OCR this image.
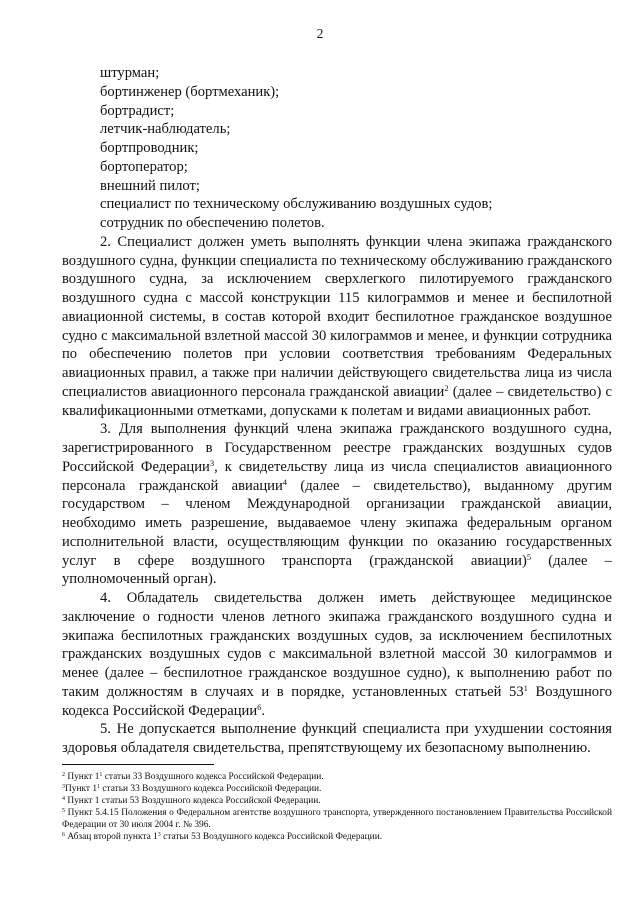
2
штурман;
бортинженер (бортмеханик);
бортрадист;
летчик-наблюдатель;
бортпроводник;
бортоператор;
внешний пилот;
специалист по техническому обслуживанию воздушных судов;
сотрудник по обеспечению полетов.

2. Специалист должен уметь выполнять функции члена экипажа гражданского воздушного судна, функции специалиста по техническому обслуживанию гражданского воздушного судна, за исключением сверхлегкого пилотируемого гражданского воздушного судна с массой конструкции 115 килограммов и менее и беспилотной авиационной системы, в состав которой входит беспилотное гражданское воздушное судно с максимальной взлетной массой 30 килограммов и менее, и функции сотрудника по обеспечению полетов при условии соответствия требованиям Федеральных авиационных правил, а также при наличии действующего свидетельства лица из числа специалистов авиационного персонала гражданской авиации$^2$ (далее – свидетельство) с квалификационными отметками, допусками к полетам и видами авиационных работ.

3. Для выполнения функций члена экипажа гражданского воздушного судна, зарегистрированного в Государственном реестре гражданских воздушных судов Российской Федерации$^3$, к свидетельству лица из числа специалистов авиационного персонала гражданской авиации$^4$ (далее – свидетельство), выданному другим государством – членом Международной организации гражданской авиации, необходимо иметь разрешение, выдаваемое члену экипажа федеральным органом исполнительной власти, осуществляющим функции по оказанию государственных услуг в сфере воздушного транспорта (гражданской авиации)$^5$ (далее – уполномоченный орган).

4. Обладатель свидетельства должен иметь действующее медицинское заключение о годности членов летного экипажа гражданского воздушного судна и экипажа беспилотных гражданских воздушных судов, за исключением беспилотных гражданских воздушных судов с максимальной взлетной массой 30 килограммов и менее (далее – беспилотное гражданское воздушное судно), к выполнению работ по таким должностям в случаях и в порядке, установленных статьей $53^1$ Воздушного кодекса Российской Федерации$^6$.

5. Не допускается выполнение функций специалиста при ухудшении состояния здоровья обладателя свидетельства, препятствующему их безопасному выполнению.

$^2$ Пункт $1^1$ статьи 33 Воздушного кодекса Российской Федерации.
$^3$Пункт $1^1$ статьи 33 Воздушного кодекса Российской Федерации.
$^4$ Пункт 1 статьи 53 Воздушного кодекса Российской Федерации.
$^5$ Пункт 5.4.15 Положения о Федеральном агентстве воздушного транспорта, утвержденного постановлением Правительства Российской Федерации от 30 июля 2004 г. № 396.
$^6$ Абзац второй пункта $1^3$ статьи 53 Воздушного кодекса Российской Федерации.
